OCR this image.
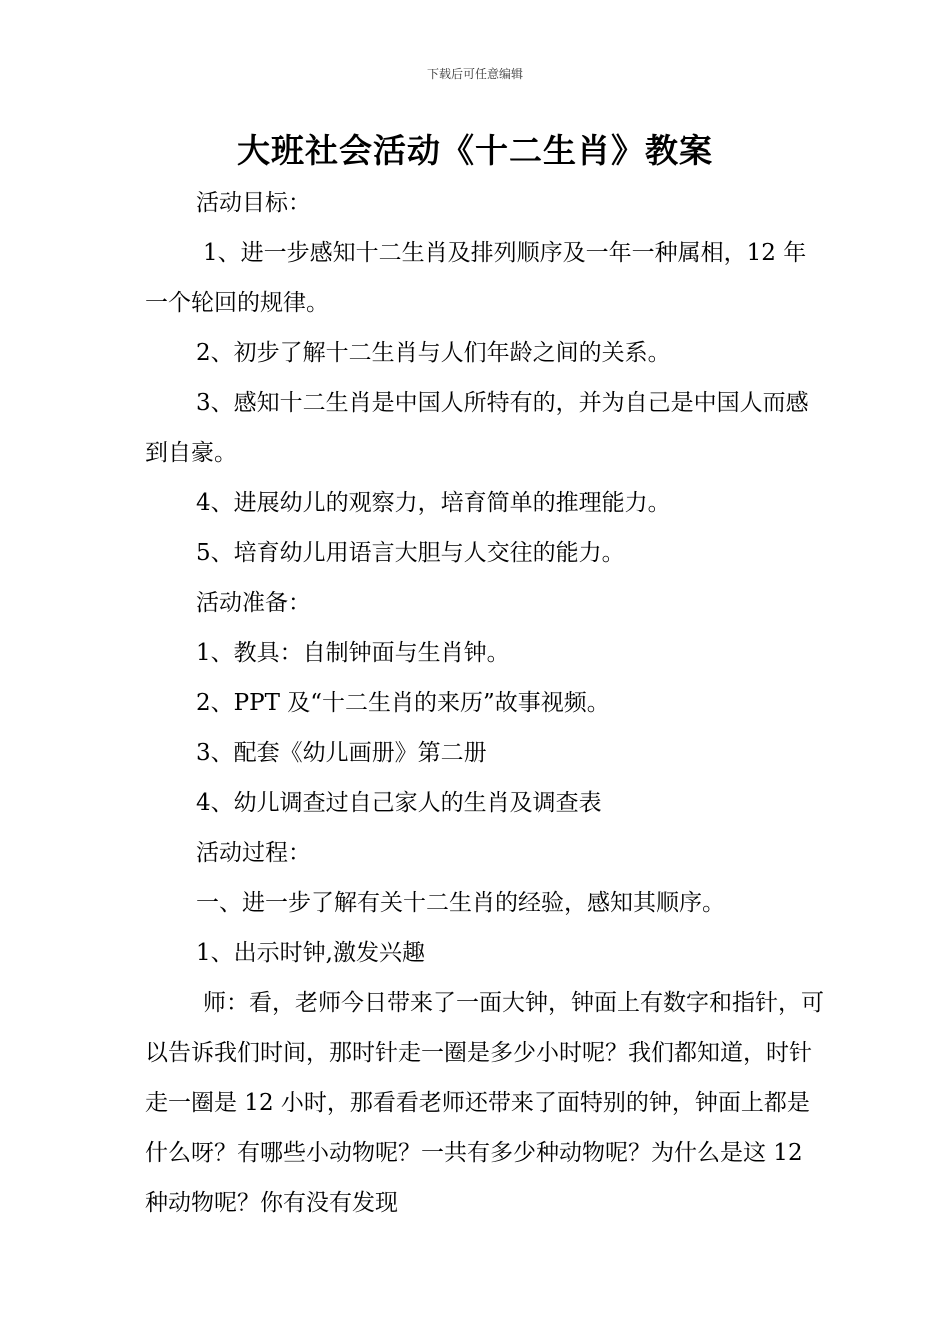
下载后可任意编辑
大班社会活动《十二生肖》教案

活动目标：

1、进一步感知十二生肖及排列顺序及一年一种属相，12 年一个轮回的规律。

2、初步了解十二生肖与人们年龄之间的关系。

3、感知十二生肖是中国人所特有的，并为自己是中国人而感到自豪。

4、进展幼儿的观察力，培育简单的推理能力。

5、培育幼儿用语言大胆与人交往的能力。

活动准备：

1、教具：自制钟面与生肖钟。

2、PPT 及“十二生肖的来历”故事视频。

3、配套《幼儿画册》第二册

4、幼儿调查过自己家人的生肖及调查表

活动过程：

一、进一步了解有关十二生肖的经验，感知其顺序。

1、出示时钟,激发兴趣

师：看，老师今日带来了一面大钟，钟面上有数字和指针，可以告诉我们时间，那时针走一圈是多少小时呢？我们都知道，时针走一圈是 12 小时，那看看老师还带来了面特别的钟，钟面上都是什么呀？有哪些小动物呢？一共有多少种动物呢？为什么是这 12 种动物呢？你有没有发现
